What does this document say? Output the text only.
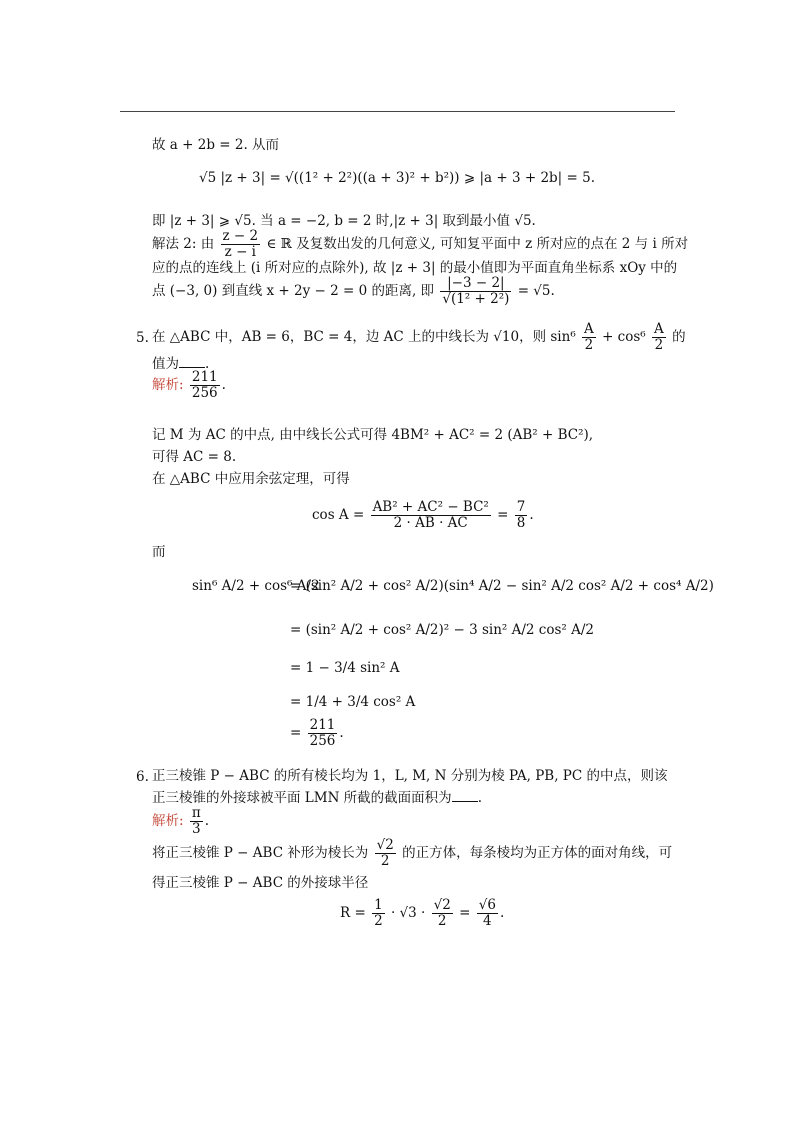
故 a + 2b = 2. 从而
√5 |z + 3| = √((1² + 2²)((a + 3)² + b²)) ⩾ |a + 3 + 2b| = 5.
即 |z + 3| ⩾ √5. 当 a = −2, b = 2 时,|z + 3| 取到最小值 √5.
解法 2: 由 $\frac{z - 2}{z - i}$ ∈ ℝ 及复数出发的几何意义, 可知复平面中 z 所对应的点在 2 与 i 所对
应的点的连线上 (i 所对应的点除外), 故 |z + 3| 的最小值即为平面直角坐标系 xOy 中的
点 (−3, 0) 到直线 x + 2y − 2 = 0 的距离, 即 $\frac{|-3 - 2|}{\text{√(1² + 2²)}} = √5$.
5. 在 △ABC 中，AB = 6，BC = 4，边 AC 上的中线长为 √10，则 $\sin^6 \frac{A}{2} + \cos^6 \frac{A}{2}$ 的
值为 .
解析: $\frac{211}{256}$ .
记 M 为 AC 的中点, 由中线长公式可得 4BM² + AC² = 2 (AB² + BC²),
可得 AC = 8.
在 △ABC 中应用余弦定理，可得
$\cos A = \frac{\text{AB² + AC² − BC²}}{2 \cdot AB \cdot AC} = \frac{7}{8}$ .
而
sin⁶ A/2 + cos⁶ A/2
= (sin² A/2 + cos² A/2)(sin⁴ A/2 − sin² A/2 cos² A/2 + cos⁴ A/2)
= (sin² A/2 + cos² A/2)² − 3 sin² A/2 cos² A/2
= 1 − 3/4 sin² A
= 1/4 + 3/4 cos² A
= $\frac{211}{256}$ .
6. 正三棱锥 P − ABC 的所有棱长均为 1，L, M, N 分别为棱 PA, PB, PC 的中点，则该
正三棱锥的外接球被平面 LMN 所截的截面面积为 .
解析: $\frac{\pi}{3}$ .
将正三棱锥 P − ABC 补形为棱长为 $\frac{√2}{2}$ 的正方体，每条棱均为正方体的面对角线，可
得正三棱锥 P − ABC 的外接球半径
$R = \frac{1}{2} \cdot √3 \cdot \frac{√2}{2} = \frac{√6}{4}$ .
